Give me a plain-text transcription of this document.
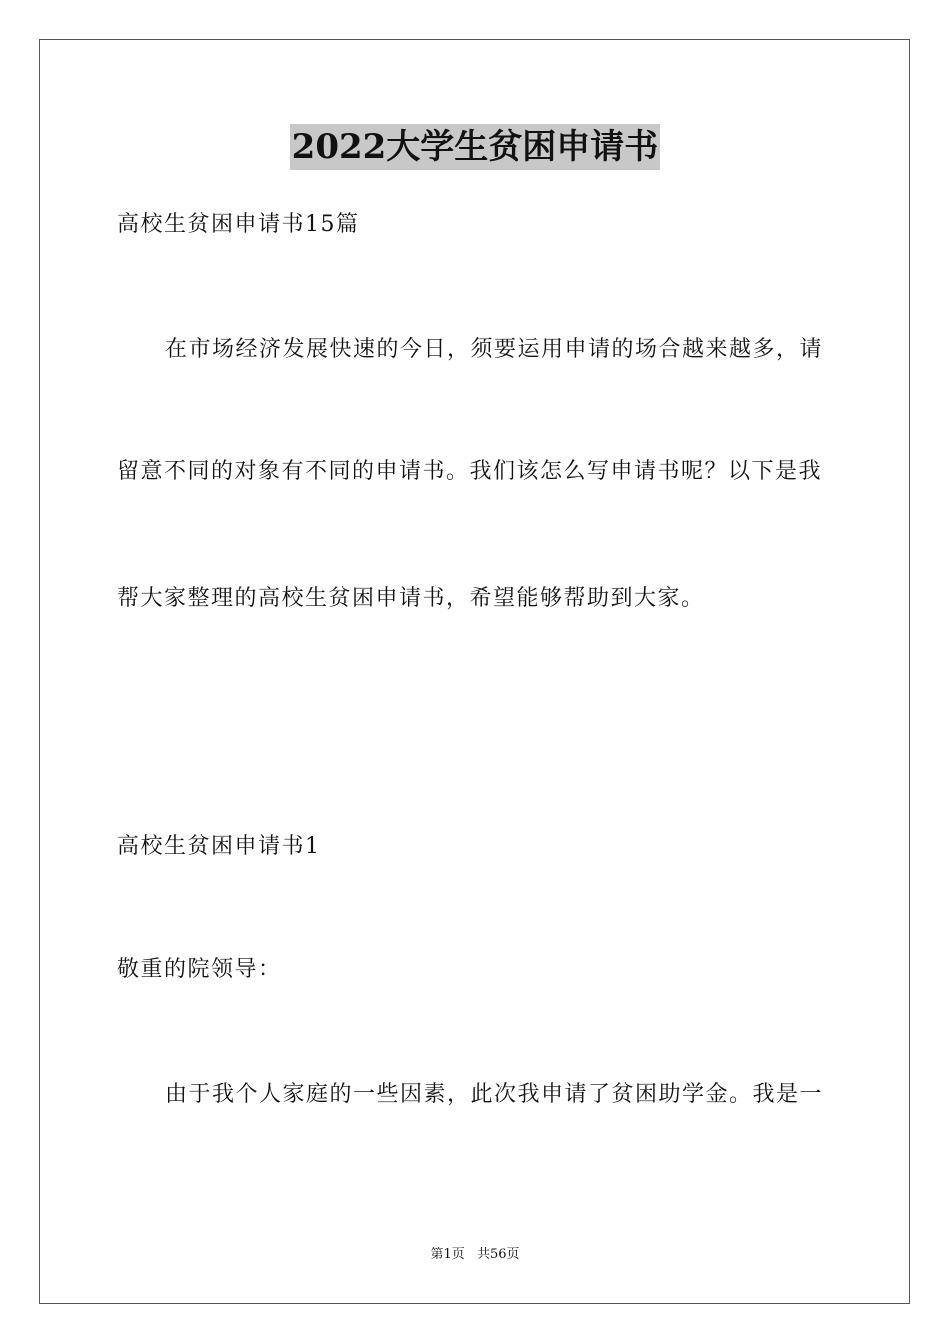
2022大学生贫困申请书
高校生贫困申请书15篇
在市场经济发展快速的今日，须要运用申请的场合越来越多，请
留意不同的对象有不同的申请书。我们该怎么写申请书呢？以下是我
帮大家整理的高校生贫困申请书，希望能够帮助到大家。
高校生贫困申请书1
敬重的院领导：
由于我个人家庭的一些因素，此次我申请了贫困助学金。我是一
第1页 共56页
